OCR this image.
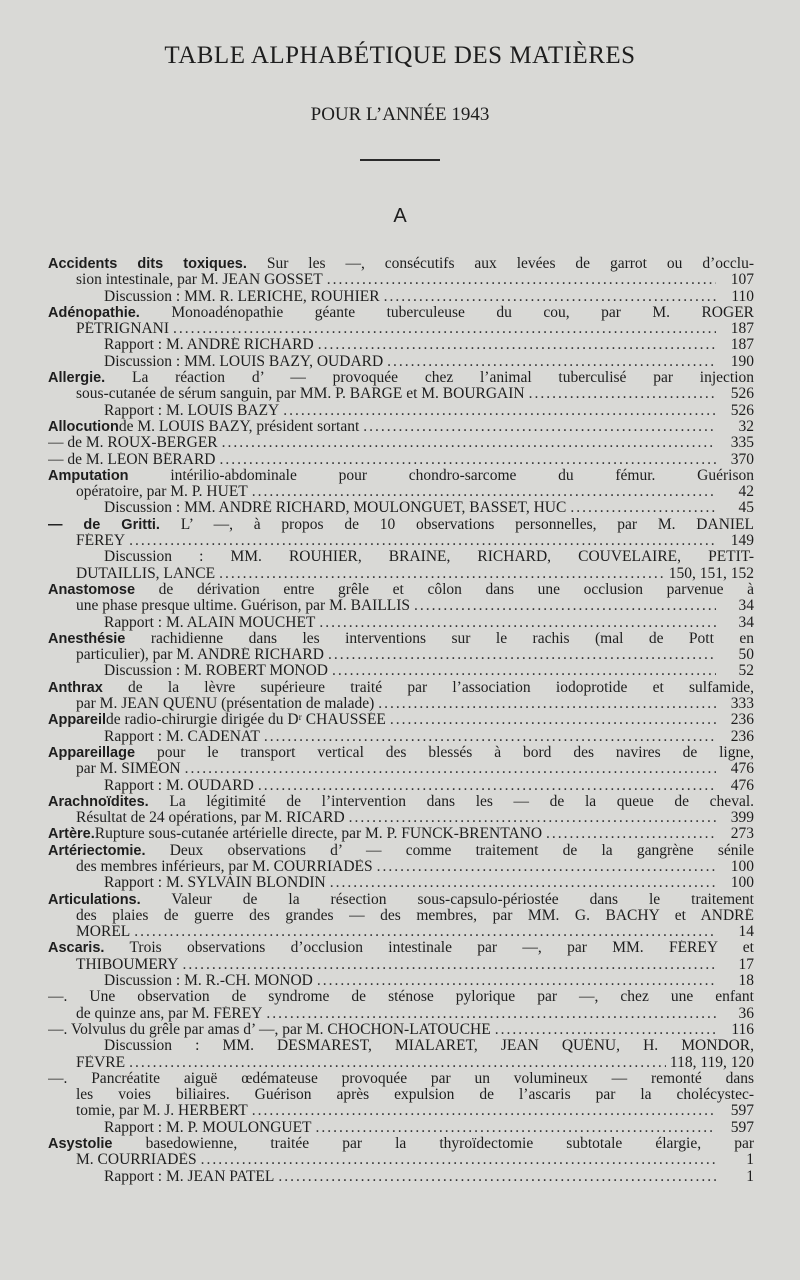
TABLE ALPHABÉTIQUE DES MATIÈRES
POUR L’ANNÉE 1943
A
Accidents dits toxiques. Sur les —, consécutifs aux levées de garrot ou d’occlu-
sion intestinale, par M. JEAN GOSSET .....	107
Discussion : MM. R. LERICHE, ROUHIER .....	110
Adénopathie. Monoadénopathie géante tuberculeuse du cou, par M. ROGER
PÉTRIGNANI .....	187
Rapport : M. ANDRÉ RICHARD .....	187
Discussion : MM. LOUIS BAZY, OUDARD .....	190
Allergie. La réaction d’ — provoquée chez l’animal tuberculisé par injection
sous-cutanée de sérum sanguin, par MM. P. BARGE et M. BOURGAIN .....	526
Rapport : M. LOUIS BAZY .....	526
Allocution de M. LOUIS BAZY, président sortant .....	32
— de M. ROUX-BERGER .....	335
— de M. LÉON BÉRARD .....	370
Amputation	intérilio-abdominale pour chondro-sarcome du fémur. Guérison
opératoire, par M. P. HUET .....	42
Discussion : MM. ANDRÉ RICHARD, MOULONGUET, BASSET, HUC .....	45
— de Gritti. L’ —, à propos de 10 observations personnelles, par M. DANIEL
FÉREY .....	149
Discussion : MM. ROUHIER, BRAINE, RICHARD, COUVELAIRE, PETIT-
DUTAILLIS, LANCE .....	150, 151, 152
Anastomose de dérivation entre grêle et côlon dans une occlusion parvenue à
une phase presque ultime. Guérison, par M. BAILLIS .....	34
Rapport : M. ALAIN MOUCHET .....	34
Anesthésie rachidienne dans les interventions sur le rachis (mal de Pott en
particulier), par M. ANDRÉ RICHARD .....	50
Discussion : M. ROBERT MONOD .....	52
Anthrax de la lèvre supérieure traité par l’association iodoprotide et sulfamide,
par M. JEAN QUÉNU (présentation de malade) .....	333
Appareil de radio-chirurgie dirigée du Dʳ CHAUSSÉE .....	236
Rapport : M. CADENAT .....	236
Appareillage pour le transport vertical des blessés à bord des navires de ligne,
par M. SIMÉON .....	476
Rapport : M. OUDARD .....	476
Arachnoïdites. La légitimité de l’intervention dans les — de la queue de cheval.
Résultat de 24 opérations, par M. RICARD .....	399
Artère. Rupture sous-cutanée artérielle directe, par M. P. FUNCK-BRENTANO .....	273
Artériectomie. Deux observations d’ — comme traitement de la gangrène sénile
des membres inférieurs, par M. COURRIADÈS .....	100
Rapport : M. SYLVAIN BLONDIN .....	100
Articulations. Valeur de la résection sous-capsulo-périostée dans le traitement
des plaies de guerre des grandes — des membres, par MM. G. BACHY et ANDRÉ
MOREL .....	14
Ascaris. Trois observations d’occlusion intestinale par —, par MM. FÉREY et
THIBOUMERY .....	17
Discussion : M. R.-CH. MONOD .....	18
—. Une observation de syndrome de sténose pylorique par —, chez une enfant
de quinze ans, par M. FÉREY .....	36
—. Volvulus du grêle par amas d’ —, par M. CHOCHON-LATOUCHE .....	116
Discussion : MM. DESMAREST, MIALARET, JEAN QUÉNU, H. MONDOR,
FÈVRE .....	118, 119, 120
—. Pancréatite aiguë œdémateuse provoquée par un volumineux — remonté dans
les voies biliaires. Guérison après expulsion de l’ascaris par la cholécystec-
tomie, par M. J. HERBERT .....	597
Rapport : M. P. MOULONGUET .....	597
Asystolie basedowienne, traitée par la thyroïdectomie subtotale élargie, par
M. COURRIADÈS .....	1
Rapport : M. JEAN PATEL .....	1
